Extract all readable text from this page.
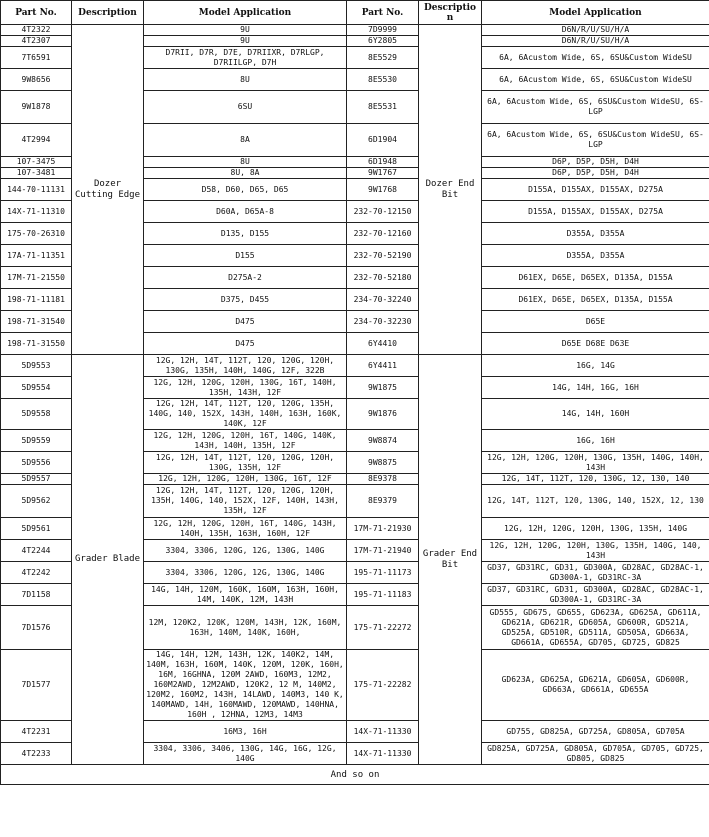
Part No.	Description	Model Application	Part No.	Description	Model Application
4T2322	Dozer Cutting Edge	9U	7D9999	Dozer End Bit	D6N/R/U/SU/H/A
4T2307		9U	6Y2805		D6N/R/U/SU/H/A
7T6591		D7RII, D7R, D7E, D7RIIXR, D7RLGP, D7RIILGP, D7H	8E5529		6A, 6Acustom Wide, 6S, 6SU&Custom WideSU
9W8656		8U	8E5530		6A, 6Acustom Wide, 6S, 6SU&Custom WideSU
9W1878		6SU	8E5531		6A, 6Acustom Wide, 6S, 6SU&Custom WideSU, 6S-LGP
4T2994		8A	6D1904		6A, 6Acustom Wide, 6S, 6SU&Custom WideSU, 6S-LGP
107-3475		8U	6D1948		D6P, D5P, D5H, D4H
107-3481		8U, 8A	9W1767		D6P, D5P, D5H, D4H
144-70-11131		D58, D60, D65, D65	9W1768		D155A, D155AX, D155AX, D275A
14X-71-11310		D60A, D65A-8	232-70-12150		D155A, D155AX, D155AX, D275A
175-70-26310		D135, D155	232-70-12160		D355A, D355A
17A-71-11351		D155	232-70-52190		D355A, D355A
17M-71-21550		D275A-2	232-70-52180		D61EX, D65E, D65EX, D135A, D155A
198-71-11181		D375, D455	234-70-32240		D61EX, D65E, D65EX, D135A, D155A
198-71-31540		D475	234-70-32230		D65E
198-71-31550		D475	6Y4410		D65E D68E D63E
5D9553	Grader Blade	12G, 12H, 14T, 112T, 120, 120G, 120H, 130G, 135H, 140H, 140G, 12F, 322B	6Y4411	Grader End Bit	16G, 14G
5D9554		12G, 12H, 120G, 120H, 130G, 16T, 140H, 135H, 143H, 12F	9W1875		14G, 14H, 16G, 16H
5D9558		12G, 12H, 14T, 112T, 120, 120G, 135H, 140G, 140, 152X, 143H, 140H, 163H, 160K, 140K, 12F	9W1876		14G, 14H, 160H
5D9559		12G, 12H, 120G, 120H, 16T, 140G, 140K, 143H, 140H, 135H, 12F	9W8874		16G, 16H
5D9556		12G, 12H, 14T, 112T, 120, 120G, 120H, 130G, 135H, 12F	9W8875		12G, 12H, 120G, 120H, 130G, 135H, 140G, 140H, 143H
5D9557		12G, 12H, 120G, 120H, 130G, 16T, 12F	8E9378		12G, 14T, 112T, 120, 130G, 12, 130, 140
5D9562		12G, 12H, 14T, 112T, 120, 120G, 120H, 135H, 140G, 140, 152X, 12F, 140H, 143H, 135H, 12F	8E9379		12G, 14T, 112T, 120, 130G, 140, 152X, 12, 130
5D9561		12G, 12H, 120G, 120H, 16T, 140G, 143H, 140H, 135H, 163H, 160H, 12F	17M-71-21930		12G, 12H, 120G, 120H, 130G, 135H, 140G
4T2244		3304, 3306, 120G, 12G, 130G, 140G	17M-71-21940		12G, 12H, 120G, 120H, 130G, 135H, 140G, 140, 143H
4T2242		3304, 3306, 120G, 12G, 130G, 140G	195-71-11173		GD37, GD31RC, GD31, GD300A, GD28AC, GD28AC-1, GD300A-1, GD31RC-3A
7D1158		14G, 14H, 120M, 160K, 160M, 163H, 160H, 14M, 140K, 12M, 143H	195-71-11183		GD37, GD31RC, GD31, GD300A, GD28AC, GD28AC-1, GD300A-1, GD31RC-3A
7D1576		12M, 120K2, 120K, 120M, 143H, 12K, 160M, 163H, 140M, 140K, 160H,	175-71-22272		GD555, GD675, GD655, GD623A, GD625A, GD611A, GD621A, GD621R, GD605A, GD600R, GD521A, GD525A, GD510R, GD511A, GD505A, GD663A, GD661A, GD655A, GD705, GD725, GD825
7D1577		14G, 14H, 12M, 143H, 12K, 140K2, 14M, 140M, 163H, 160M, 140K, 120M, 120K, 160H, 16M, 16GHNA, 120M 2AWD, 160M3, 12M2, 160M2AWD, 12M2AWD, 120K2, 12 M, 140M2, 120M2, 160M2, 143H, 14LAWD, 140M3, 140 K, 140MAWD, 14H, 160MAWD, 120MAWD, 140HNA, 160H , 12HNA, 12M3, 14M3	175-71-22282		GD623A, GD625A, GD621A, GD605A, GD600R, GD663A, GD661A, GD655A
4T2231		16M3, 16H	14X-71-11330		GD755, GD825A, GD725A, GD805A, GD705A
4T2233		3304, 3306, 3406, 130G, 14G, 16G, 12G, 140G	14X-71-11330		GD825A, GD725A, GD805A, GD705A, GD705, GD725, GD805, GD825
And so on					
